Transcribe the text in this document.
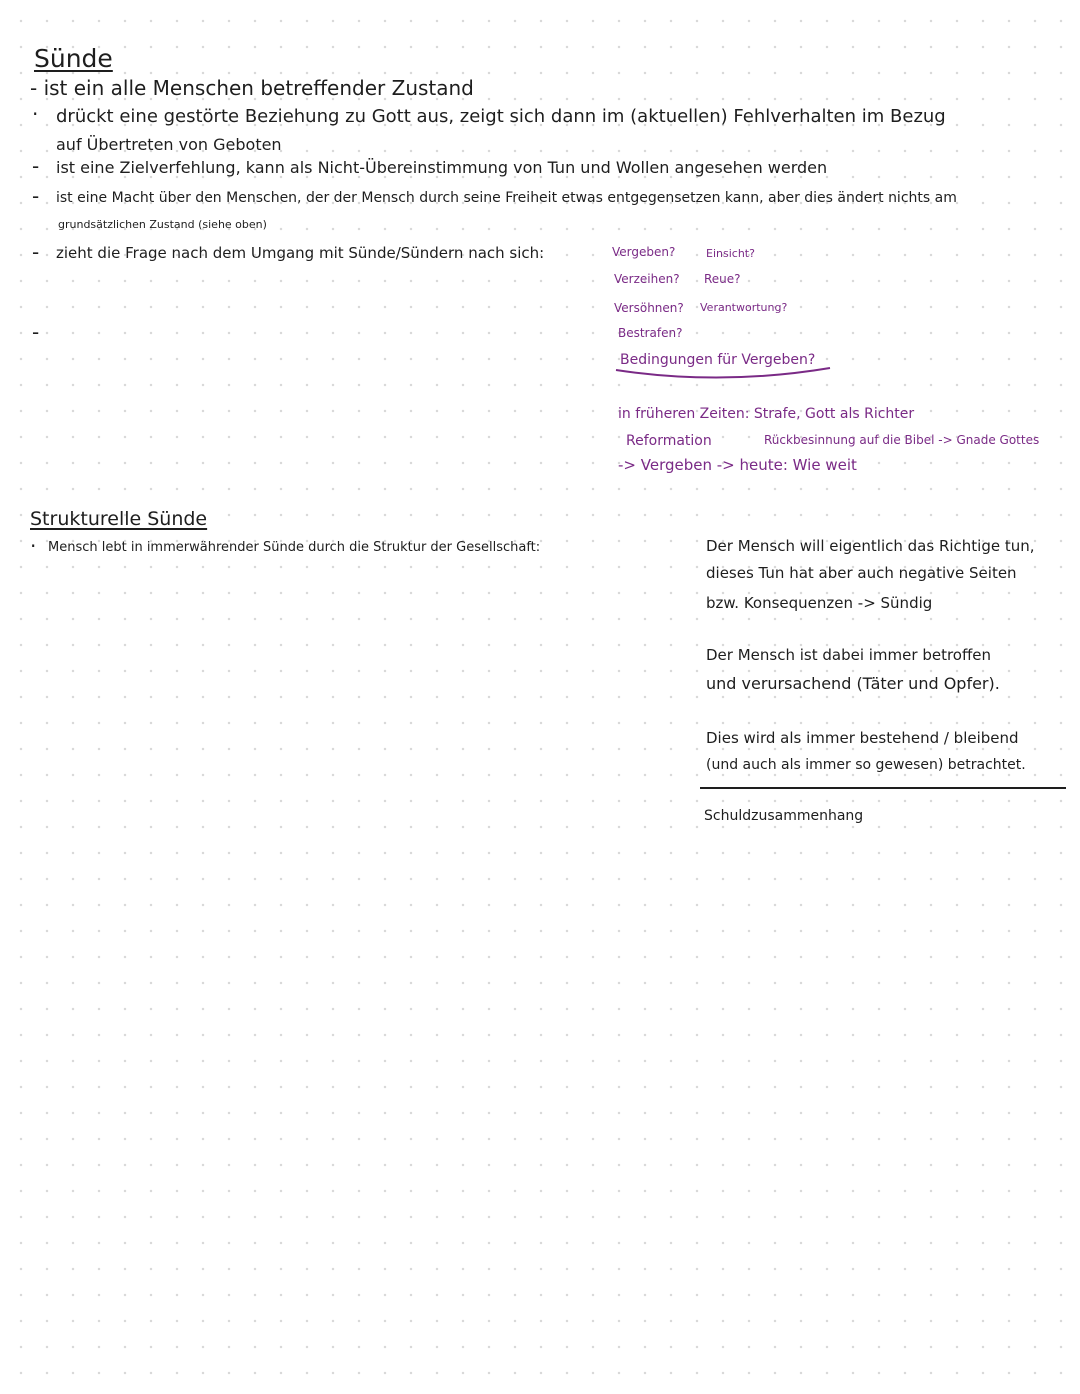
Sünde
- ist ein alle Menschen betreffender Zustand
· drückt eine gestörte Beziehung zu Gott aus, zeigt sich dann im (aktuellen) Fehlverhalten im Bezug
auf Übertreten von Geboten
- ist eine Zielverfehlung, kann als Nicht-Übereinstimmung von Tun und Wollen angesehen werden
- ist eine Macht über den Menschen, der der Mensch durch seine Freiheit etwas entgegensetzen kann, aber dies ändert nichts am
grundsätzlichen Zustand (siehe oben)
- zieht die Frage nach dem Umgang mit Sünde/Sündern nach sich:
-
Vergeben?	Einsicht?
Verzeihen? Reue?
Versöhnen? Verantwortung?
Bestrafen?
Bedingungen für Vergeben?
in früheren Zeiten: Strafe, Gott als Richter
Reformation	Rückbesinnung auf die Bibel -> Gnade Gottes
-> Vergeben -> heute: Wie weit
Strukturelle Sünde
· Mensch lebt in immerwährender Sünde durch die Struktur der Gesellschaft:	Der Mensch will eigentlich das Richtige tun,
dieses Tun hat aber auch negative Seiten
bzw. Konsequenzen -> Sündig
Der Mensch ist dabei immer betroffen
und verursachend (Täter und Opfer).
Dies wird als immer bestehend / bleibend
(und auch als immer so gewesen) betrachtet.
Schuldzusammenhang
